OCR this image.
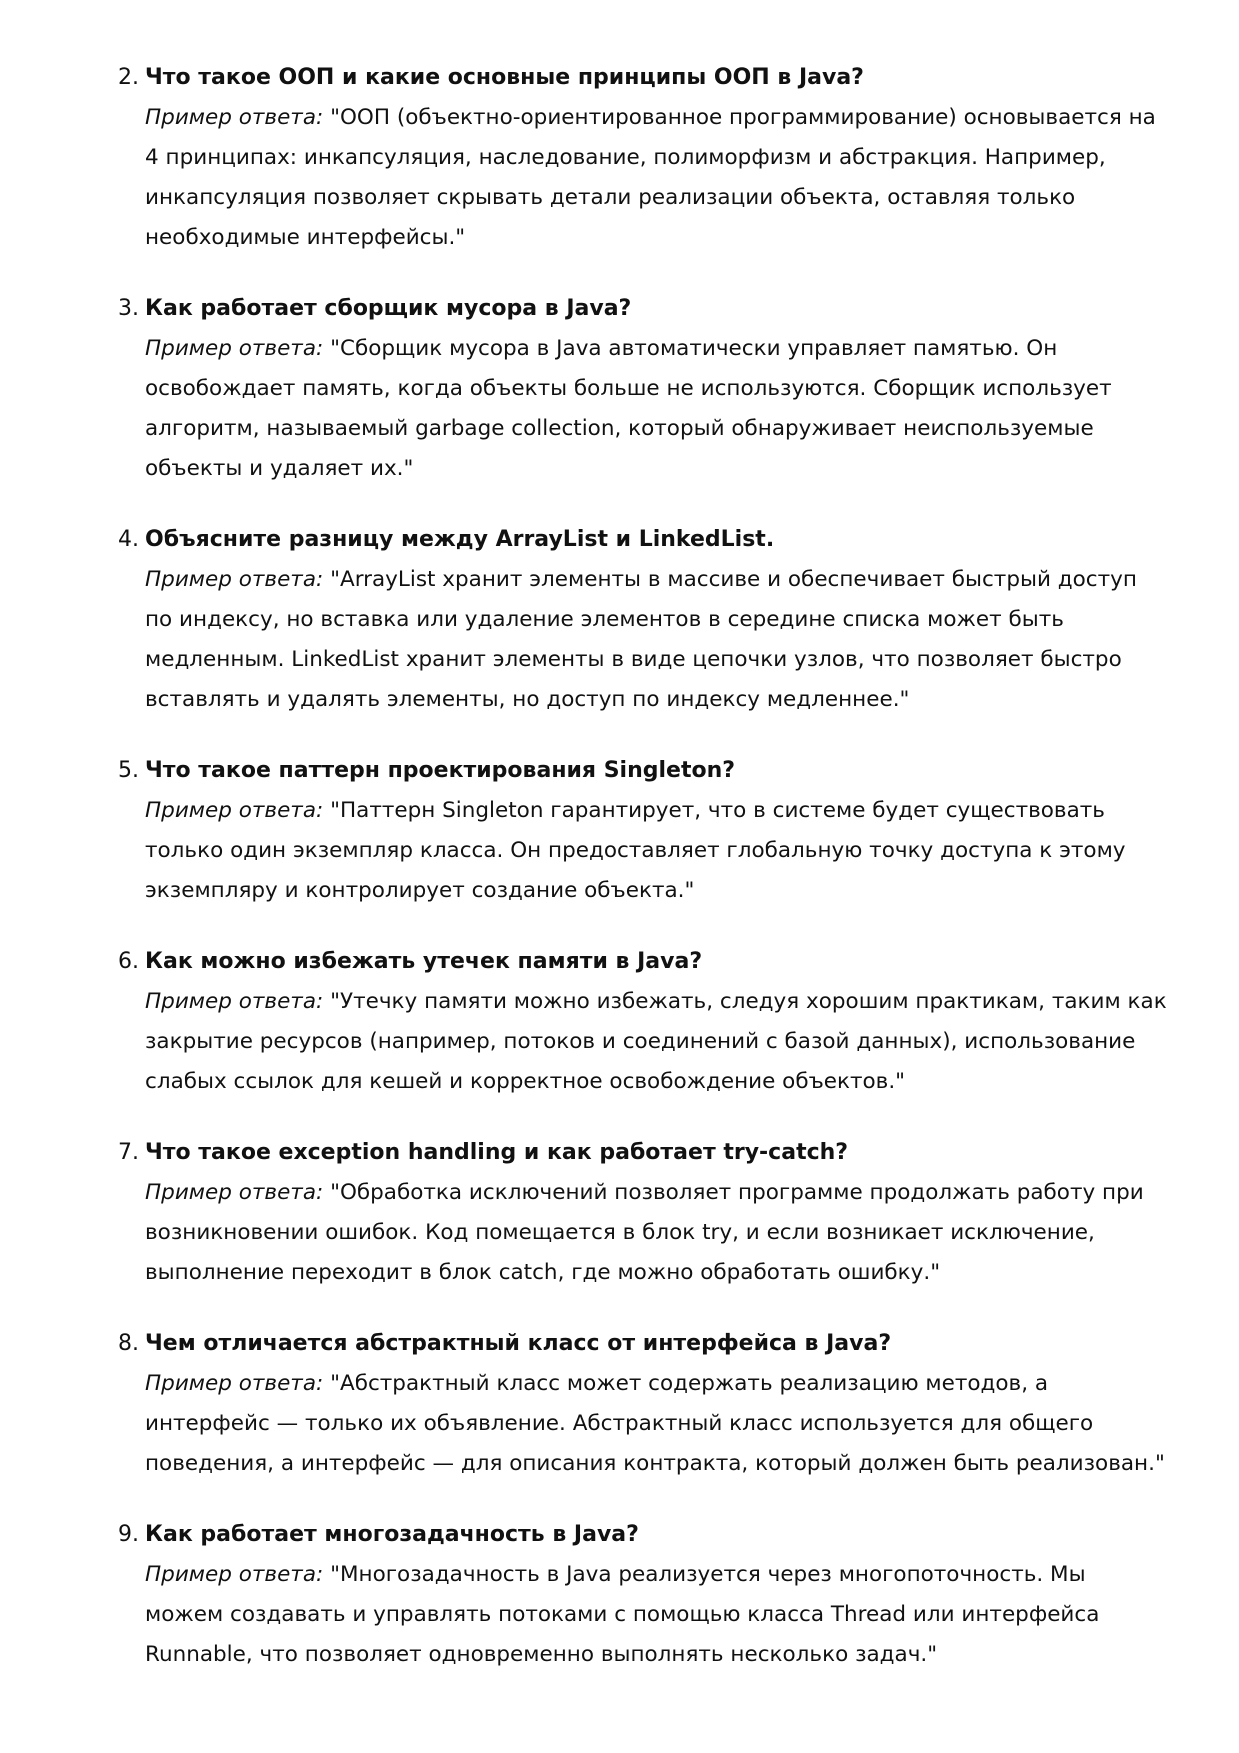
2. Что такое ООП и какие основные принципы ООП в Java?

Пример ответа: "ООП (объектно-ориентированное программирование) основывается на 4 принципах: инкапсуляция, наследование, полиморфизм и абстракция. Например, инкапсуляция позволяет скрывать детали реализации объекта, оставляя только необходимые интерфейсы."

3. Как работает сборщик мусора в Java?

Пример ответа: "Сборщик мусора в Java автоматически управляет памятью. Он освобождает память, когда объекты больше не используются. Сборщик использует алгоритм, называемый garbage collection, который обнаруживает неиспользуемые объекты и удаляет их."

4. Объясните разницу между ArrayList и LinkedList.

Пример ответа: "ArrayList хранит элементы в массиве и обеспечивает быстрый доступ по индексу, но вставка или удаление элементов в середине списка может быть медленным. LinkedList хранит элементы в виде цепочки узлов, что позволяет быстро вставлять и удалять элементы, но доступ по индексу медленнее."

5. Что такое паттерн проектирования Singleton?

Пример ответа: "Паттерн Singleton гарантирует, что в системе будет существовать только один экземпляр класса. Он предоставляет глобальную точку доступа к этому экземпляру и контролирует создание объекта."

6. Как можно избежать утечек памяти в Java?

Пример ответа: "Утечку памяти можно избежать, следуя хорошим практикам, таким как закрытие ресурсов (например, потоков и соединений с базой данных), использование слабых ссылок для кешей и корректное освобождение объектов."

7. Что такое exception handling и как работает try-catch?

Пример ответа: "Обработка исключений позволяет программе продолжать работу при возникновении ошибок. Код помещается в блок try, и если возникает исключение, выполнение переходит в блок catch, где можно обработать ошибку."

8. Чем отличается абстрактный класс от интерфейса в Java?

Пример ответа: "Абстрактный класс может содержать реализацию методов, а интерфейс — только их объявление. Абстрактный класс используется для общего поведения, а интерфейс — для описания контракта, который должен быть реализован."

9. Как работает многозадачность в Java?

Пример ответа: "Многозадачность в Java реализуется через многопоточность. Мы можем создавать и управлять потоками с помощью класса Thread или интерфейса Runnable, что позволяет одновременно выполнять несколько задач."
